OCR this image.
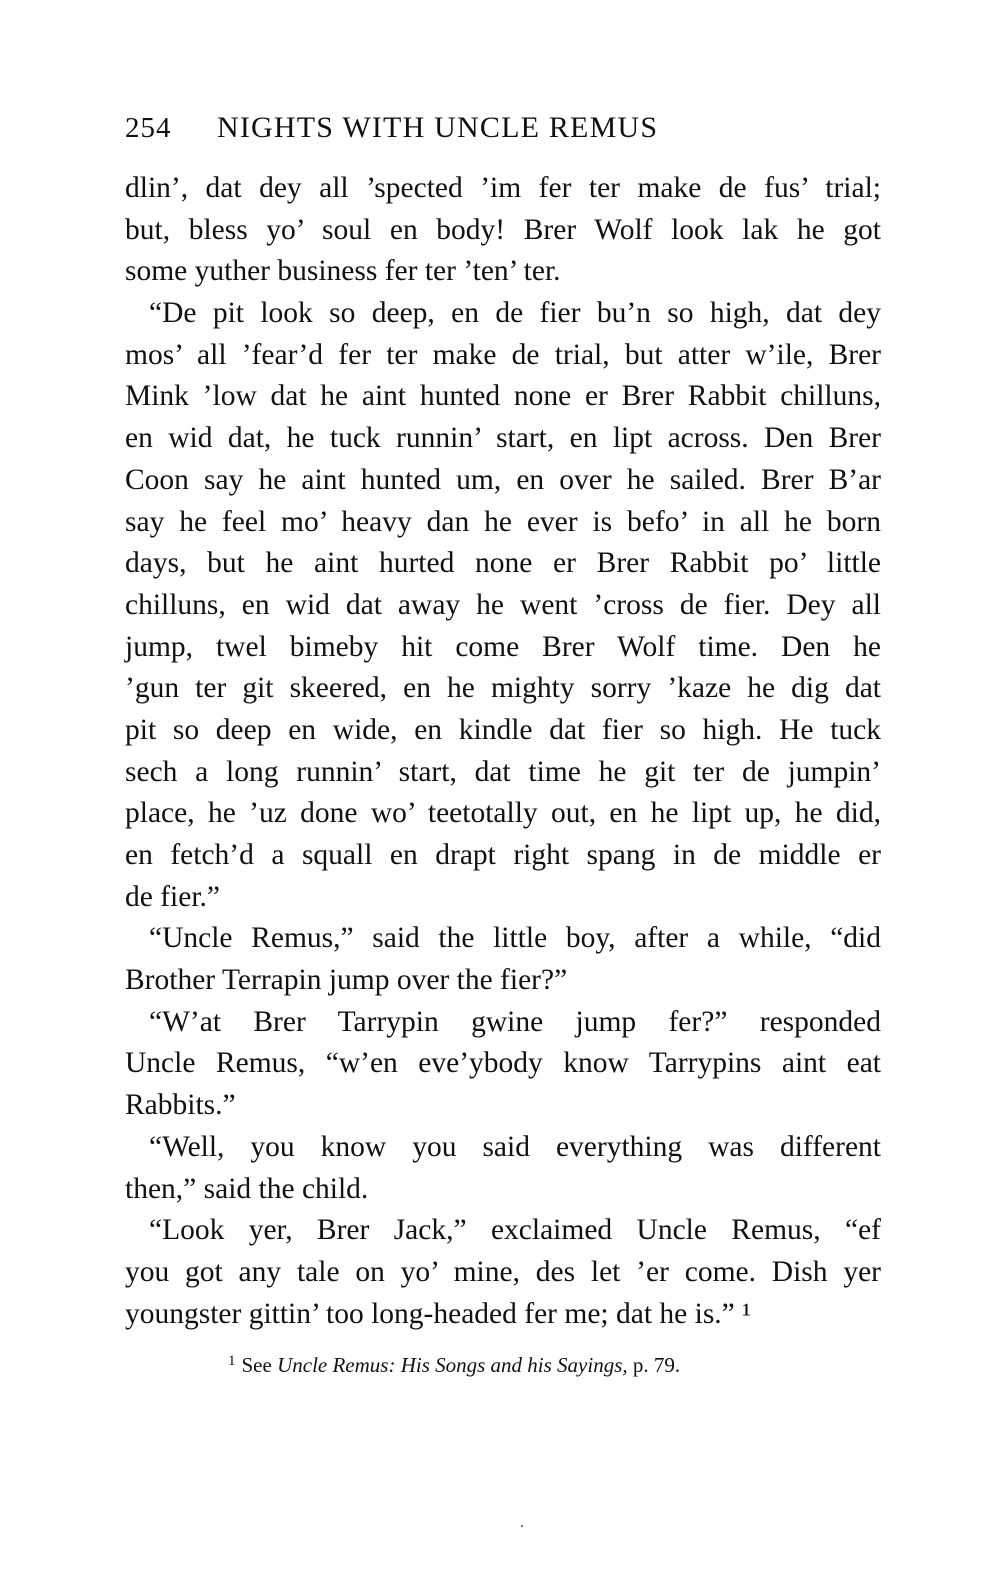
254 NIGHTS WITH UNCLE REMUS
dlin’, dat dey all ’spected ’im fer ter make de fus’ trial;
but, bless yo’ soul en body! Brer Wolf look lak he got
some yuther business fer ter ’ten’ ter.
“De pit look so deep, en de fier bu’n so high, dat dey
mos’ all ’fear’d fer ter make de trial, but atter w’ile, Brer
Mink ’low dat he aint hunted none er Brer Rabbit chilluns,
en wid dat, he tuck runnin’ start, en lipt across. Den Brer
Coon say he aint hunted um, en over he sailed. Brer B’ar
say he feel mo’ heavy dan he ever is befo’ in all he born
days, but he aint hurted none er Brer Rabbit po’ little
chilluns, en wid dat away he went ’cross de fier. Dey all
jump, twel bimeby hit come Brer Wolf time. Den he
’gun ter git skeered, en he mighty sorry ’kaze he dig dat
pit so deep en wide, en kindle dat fier so high. He tuck
sech a long runnin’ start, dat time he git ter de jumpin’
place, he ’uz done wo’ teetotally out, en he lipt up, he did,
en fetch’d a squall en drapt right spang in de middle er
de fier.”
“Uncle Remus,” said the little boy, after a while, “did
Brother Terrapin jump over the fier?”
“W’at Brer Tarrypin gwine jump fer?” responded
Uncle Remus, “w’en eve’ybody know Tarrypins aint eat
Rabbits.”
“Well, you know you said everything was different
then,” said the child.
“Look yer, Brer Jack,” exclaimed Uncle Remus, “ef
you got any tale on yo’ mine, des let ’er come. Dish yer
youngster gittin’ too long-headed fer me; dat he is.” ¹
$^1$ See Uncle Remus: His Songs and his Sayings, p. 79.
